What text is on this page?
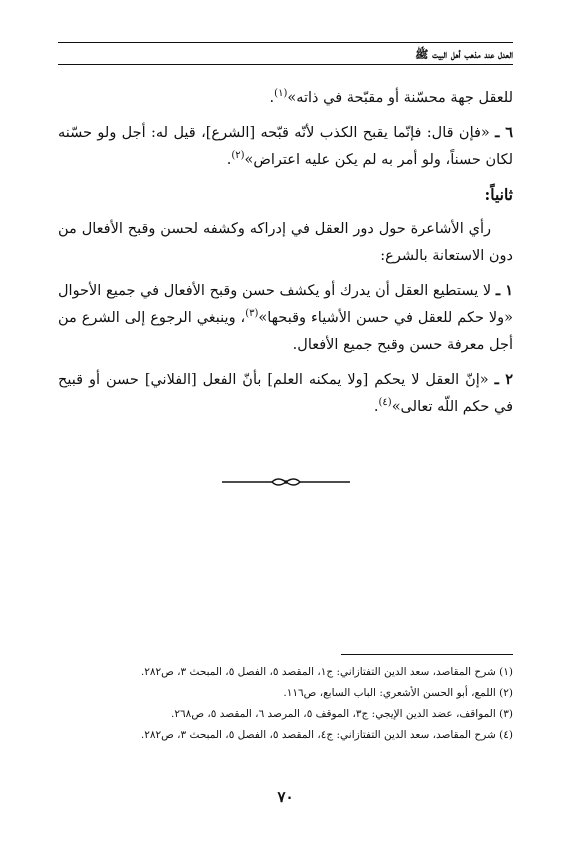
العدل عند مذهب أهل البيت ﷺ

للعقل جهة محسّنة أو مقبّحة في ذاته»$^{(١)}$.

٦ ـ «فإن قال: فإنّما يقبح الكذب لأنّه قبّحه [الشرع]، قيل له: أجل ولو حسّنه لكان حسناً، ولو أمر به لم يكن عليه اعتراض»$^{(٢)}$.

ثانياً:

رأي الأشاعرة حول دور العقل في إدراكه وكشفه لحسن وقبح الأفعال من دون الاستعانة بالشرع:

١ ـ لا يستطيع العقل أن يدرك أو يكشف حسن وقبح الأفعال في جميع الأحوال «ولا حكم للعقل في حسن الأشياء وقبحها»$^{(٣)}$، وينبغي الرجوع إلى الشرع من أجل معرفة حسن وقبح جميع الأفعال.

٢ ـ «إنّ العقل لا يحكم [ولا يمكنه العلم] بأنّ الفعل [الفلاني] حسن أو قبيح في حكم اللّه تعالى»$^{(٤)}$.

(١) شرح المقاصد، سعد الدين التفتازاني: ج١، المقصد ٥، الفصل ٥، المبحث ٣، ص٢٨٢.

(٢) اللمع، أبو الحسن الأشعري: الباب السابع، ص١١٦.

(٣) المواقف، عضد الدين الإيجي: ج٣، الموقف ٥، المرصد ٦، المقصد ٥، ص٢٦٨.

(٤) شرح المقاصد، سعد الدين التفتازاني: ج٤، المقصد ٥، الفصل ٥، المبحث ٣، ص٢٨٢.

٧٠
